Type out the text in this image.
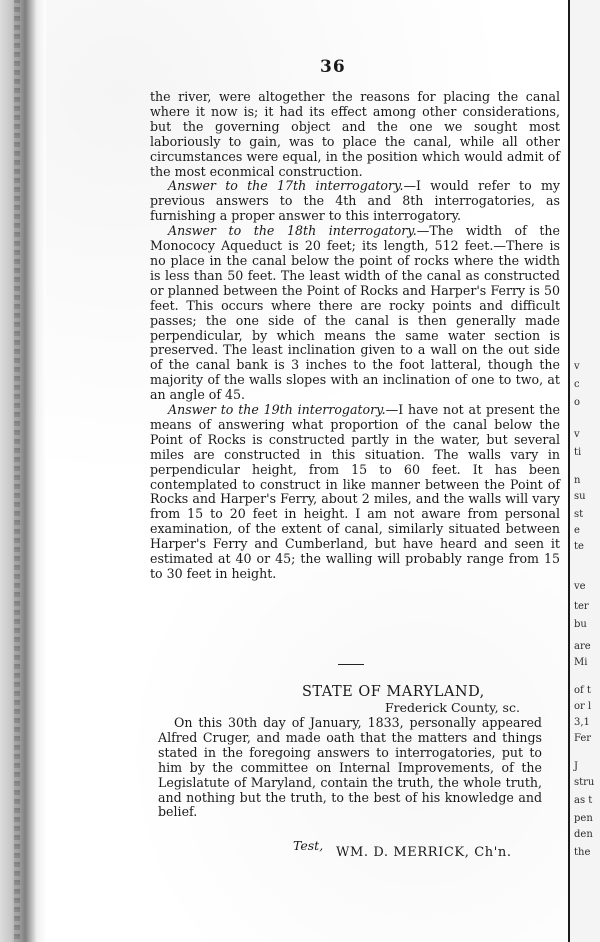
v
c
o
v
ti
n
su
st
e
te
ve
ter
bu
are
Mi
of t
or l
3,1
Fer
J
stru
as t
pen
den
the
36

the river, were altogether the reasons for placing the canal where it now is; it had its effect among other considerations, but the governing object and the one we sought most laboriously to gain, was to place the canal, while all other circumstances were equal, in the position which would admit of the most econmical construction.

Answer to the 17th interrogatory.—I would refer to my previous answers to the 4th and 8th interrogatories, as furnishing a proper answer to this interrogatory.

Answer to the 18th interrogatory.—The width of the Monococy Aqueduct is 20 feet; its length, 512 feet.—There is no place in the canal below the point of rocks where the width is less than 50 feet. The least width of the canal as constructed or planned between the Point of Rocks and Harper's Ferry is 50 feet. This occurs where there are rocky points and difficult passes; the one side of the canal is then generally made perpendicular, by which means the same water section is preserved. The least inclination given to a wall on the out side of the canal bank is 3 inches to the foot latteral, though the majority of the walls slopes with an inclination of one to two, at an angle of 45.

Answer to the 19th interrogatory.—I have not at present the means of answering what proportion of the canal below the Point of Rocks is constructed partly in the water, but several miles are constructed in this situation. The walls vary in perpendicular height, from 15 to 60 feet. It has been contemplated to construct in like manner between the Point of Rocks and Harper's Ferry, about 2 miles, and the walls will vary from 15 to 20 feet in height. I am not aware from personal examination, of the extent of canal, similarly situated between Harper's Ferry and Cumberland, but have heard and seen it estimated at 40 or 45; the walling will probably range from 15 to 30 feet in height.

STATE OF MARYLAND,
Frederick County, sc.

On this 30th day of January, 1833, personally appeared Alfred Cruger, and made oath that the matters and things stated in the foregoing answers to interrogatories, put to him by the committee on Internal Improvements, of the Legislatute of Maryland, contain the truth, the whole truth, and nothing but the truth, to the best of his knowledge and belief.

Test, WM. D. MERRICK, Ch'n.
